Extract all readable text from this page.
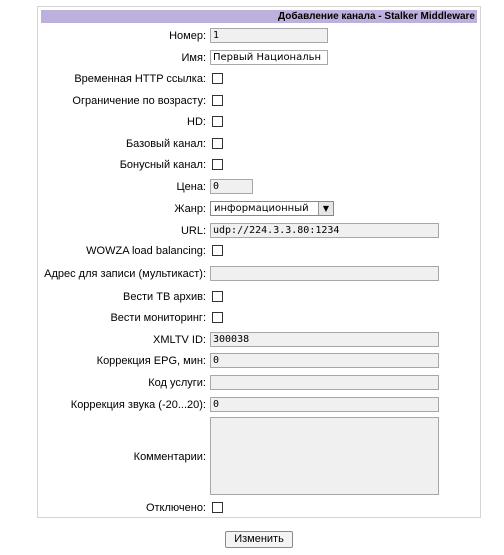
Добавление канала - Stalker Middleware
Номер: 1
Имя: Первый Национальн
Временная HTTP ссылка:
Ограничение по возрасту:
HD:
Базовый канал:
Бонусный канал:
Цена: 0
Жанр: информационный	▼
URL: udp://224.3.3.80:1234
WOWZA load balancing:
Адрес для записи (мультикаст):
Вести ТВ архив:
Вести мониторинг:
XMLTV ID: 300038
Коррекция EPG, мин: 0
Код услуги:
Коррекция звука (-20...20): 0
Комментарии:
Отключено:
Изменить
